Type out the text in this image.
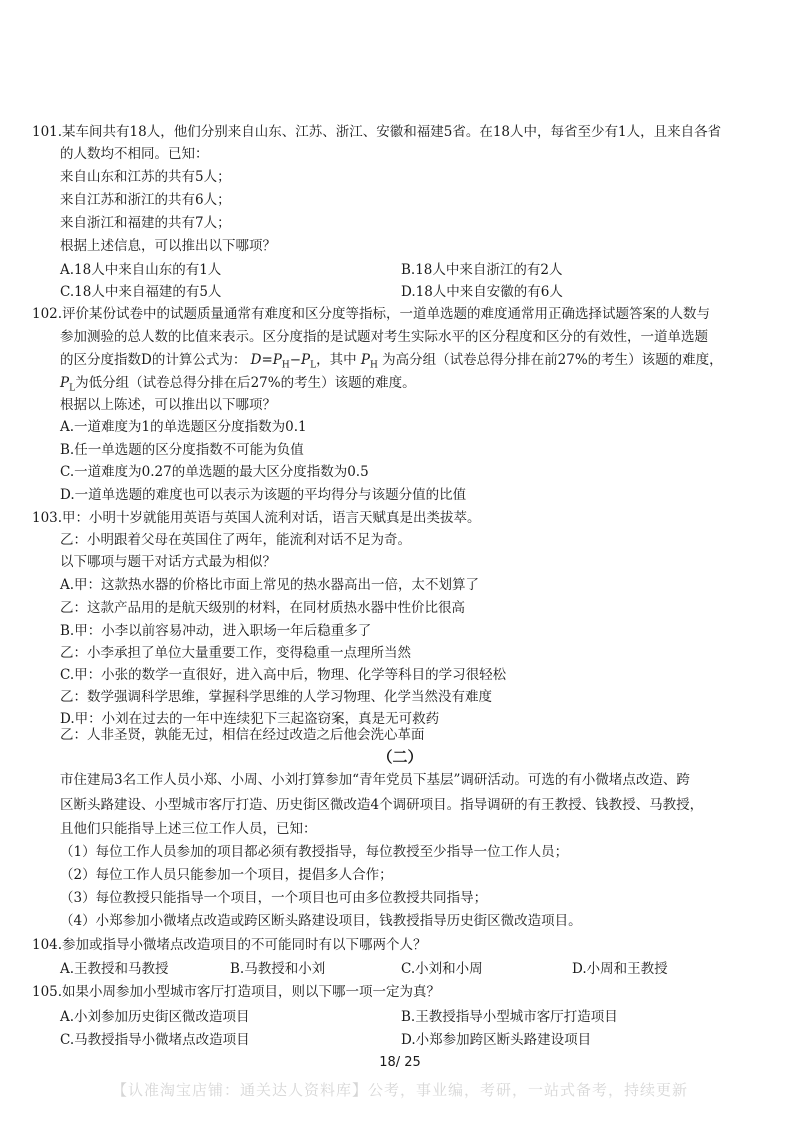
101.某车间共有18人，他们分别来自山东、江苏、浙江、安徽和福建5省。在18人中，每省至少有1人，且来自各省
的人数均不相同。已知：
来自山东和江苏的共有5人；
来自江苏和浙江的共有6人；
来自浙江和福建的共有7人；
根据上述信息，可以推出以下哪项？
A.18人中来自山东的有1人	B.18人中来自浙江的有2人
C.18人中来自福建的有5人	D.18人中来自安徽的有6人
102.评价某份试卷中的试题质量通常有难度和区分度等指标，一道单选题的难度通常用正确选择试题答案的人数与
参加测验的总人数的比值来表示。区分度指的是试题对考生实际水平的区分程度和区分的有效性，一道单选题
的区分度指数D的计算公式为： $D=P_H-P_L$，其中 $P_H$ 为高分组（试卷总得分排在前27%的考生）该题的难度，
$P_L$为低分组（试卷总得分排在后27%的考生）该题的难度。
根据以上陈述，可以推出以下哪项？
A.一道难度为1的单选题区分度指数为0.1
B.任一单选题的区分度指数不可能为负值
C.一道难度为0.27的单选题的最大区分度指数为0.5
D.一道单选题的难度也可以表示为该题的平均得分与该题分值的比值
103.甲：小明十岁就能用英语与英国人流利对话，语言天赋真是出类拔萃。
乙：小明跟着父母在英国住了两年，能流利对话不足为奇。
以下哪项与题干对话方式最为相似？
A.甲：这款热水器的价格比市面上常见的热水器高出一倍，太不划算了
乙：这款产品用的是航天级别的材料，在同材质热水器中性价比很高
B.甲：小李以前容易冲动，进入职场一年后稳重多了
乙：小李承担了单位大量重要工作，变得稳重一点理所当然
C.甲：小张的数学一直很好，进入高中后，物理、化学等科目的学习很轻松
乙：数学强调科学思维，掌握科学思维的人学习物理、化学当然没有难度
D.甲：小刘在过去的一年中连续犯下三起盗窃案，真是无可救药
乙：人非圣贤，孰能无过，相信在经过改造之后他会洗心革面
（二）
市住建局3名工作人员小郑、小周、小刘打算参加“青年党员下基层”调研活动。可选的有小微堵点改造、跨
区断头路建设、小型城市客厅打造、历史街区微改造4个调研项目。指导调研的有王教授、钱教授、马教授，
且他们只能指导上述三位工作人员，已知：
（1）每位工作人员参加的项目都必须有教授指导，每位教授至少指导一位工作人员；
（2）每位工作人员只能参加一个项目，提倡多人合作；
（3）每位教授只能指导一个项目，一个项目也可由多位教授共同指导；
（4）小郑参加小微堵点改造或跨区断头路建设项目，钱教授指导历史街区微改造项目。
104.参加或指导小微堵点改造项目的不可能同时有以下哪两个人？
A.王教授和马教授	B.马教授和小刘	C.小刘和小周	D.小周和王教授
105.如果小周参加小型城市客厅打造项目，则以下哪一项一定为真？
A.小刘参加历史街区微改造项目	B.王教授指导小型城市客厅打造项目
C.马教授指导小微堵点改造项目	D.小郑参加跨区断头路建设项目
18/ 25
【认准淘宝店铺：通关达人资料库】公考，事业编，考研，一站式备考，持续更新
